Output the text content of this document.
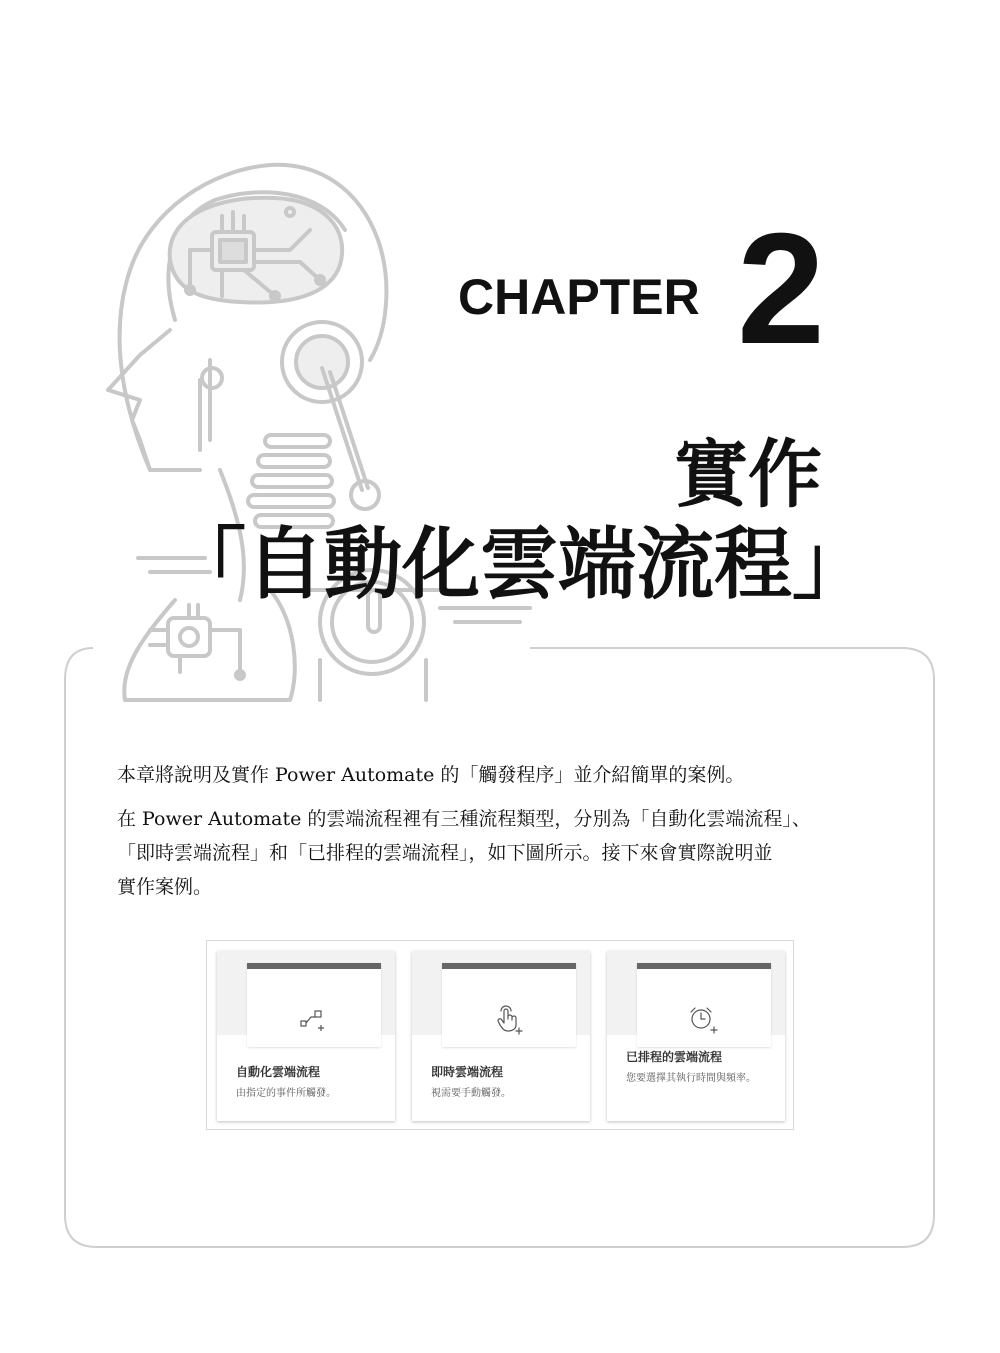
CHAPTER 2
實作
「自動化雲端流程」

本章將說明及實作 Power Automate 的「觸發程序」並介紹簡單的案例。

在 Power Automate 的雲端流程裡有三種流程類型，分別為「自動化雲端流程」、
「即時雲端流程」和「已排程的雲端流程」，如下圖所示。接下來會實際說明並
實作案例。

自動化雲端流程
由指定的事件所觸發。
即時雲端流程
視需要手動觸發。
已排程的雲端流程
您要選擇其執行時間與頻率。
